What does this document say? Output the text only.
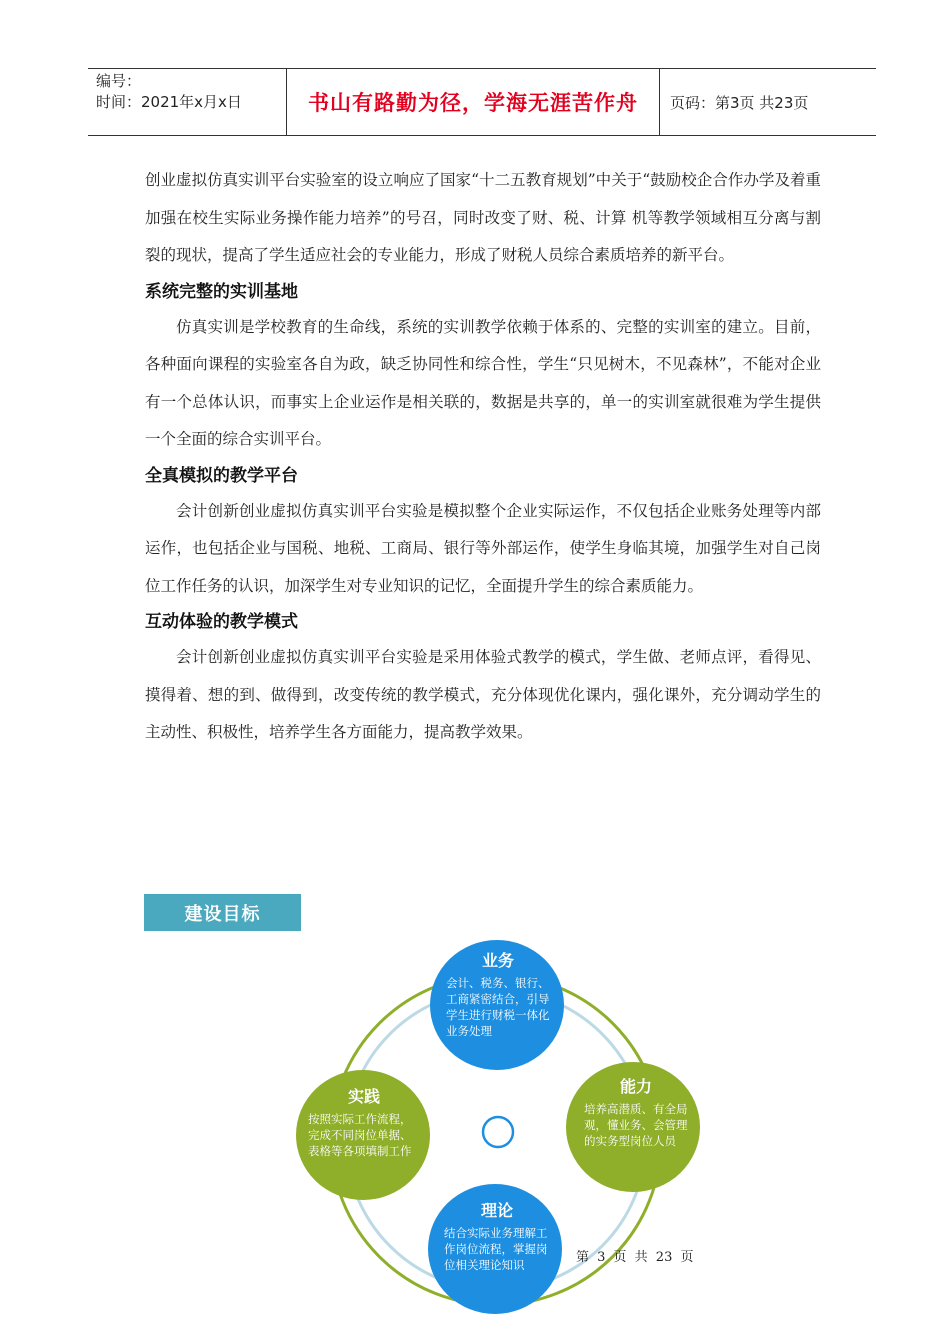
编号：
时间：2021年x月x日	书山有路勤为径，学海无涯苦作舟	页码：第3页 共23页

创业虚拟仿真实训平台实验室的设立响应了国家“十二五教育规划”中关于“鼓励校企合作办学及着重加强在校生实际业务操作能力培养”的号召，同时改变了财、税、计算 机等教学领域相互分离与割裂的现状，提高了学生适应社会的专业能力，形成了财税人员综合素质培养的新平台。

系统完整的实训基地

仿真实训是学校教育的生命线，系统的实训教学依赖于体系的、完整的实训室的建立。目前，各种面向课程的实验室各自为政，缺乏协同性和综合性，学生“只见树木，不见森林”，不能对企业有一个总体认识，而事实上企业运作是相关联的，数据是共享的，单一的实训室就很难为学生提供一个全面的综合实训平台。

全真模拟的教学平台

会计创新创业虚拟仿真实训平台实验是模拟整个企业实际运作，不仅包括企业账务处理等内部运作，也包括企业与国税、地税、工商局、银行等外部运作，使学生身临其境，加强学生对自己岗位工作任务的认识，加深学生对专业知识的记忆，全面提升学生的综合素质能力。

互动体验的教学模式

会计创新创业虚拟仿真实训平台实验是采用体验式教学的模式，学生做、老师点评，看得见、摸得着、想的到、做得到，改变传统的教学模式，充分体现优化课内，强化课外，充分调动学生的主动性、积极性，培养学生各方面能力，提高教学效果。

建设目标
业务
会计、税务、银行、工商紧密结合，引导学生进行财税一体化业务处理
能力
培养高潜质、有全局观，懂业务、会管理的实务型岗位人员
实践
按照实际工作流程，完成不同岗位单据、表格等各项填制工作
理论
结合实际业务理解工作岗位流程，掌握岗位相关理论知识	第 3 页 共 23 页
